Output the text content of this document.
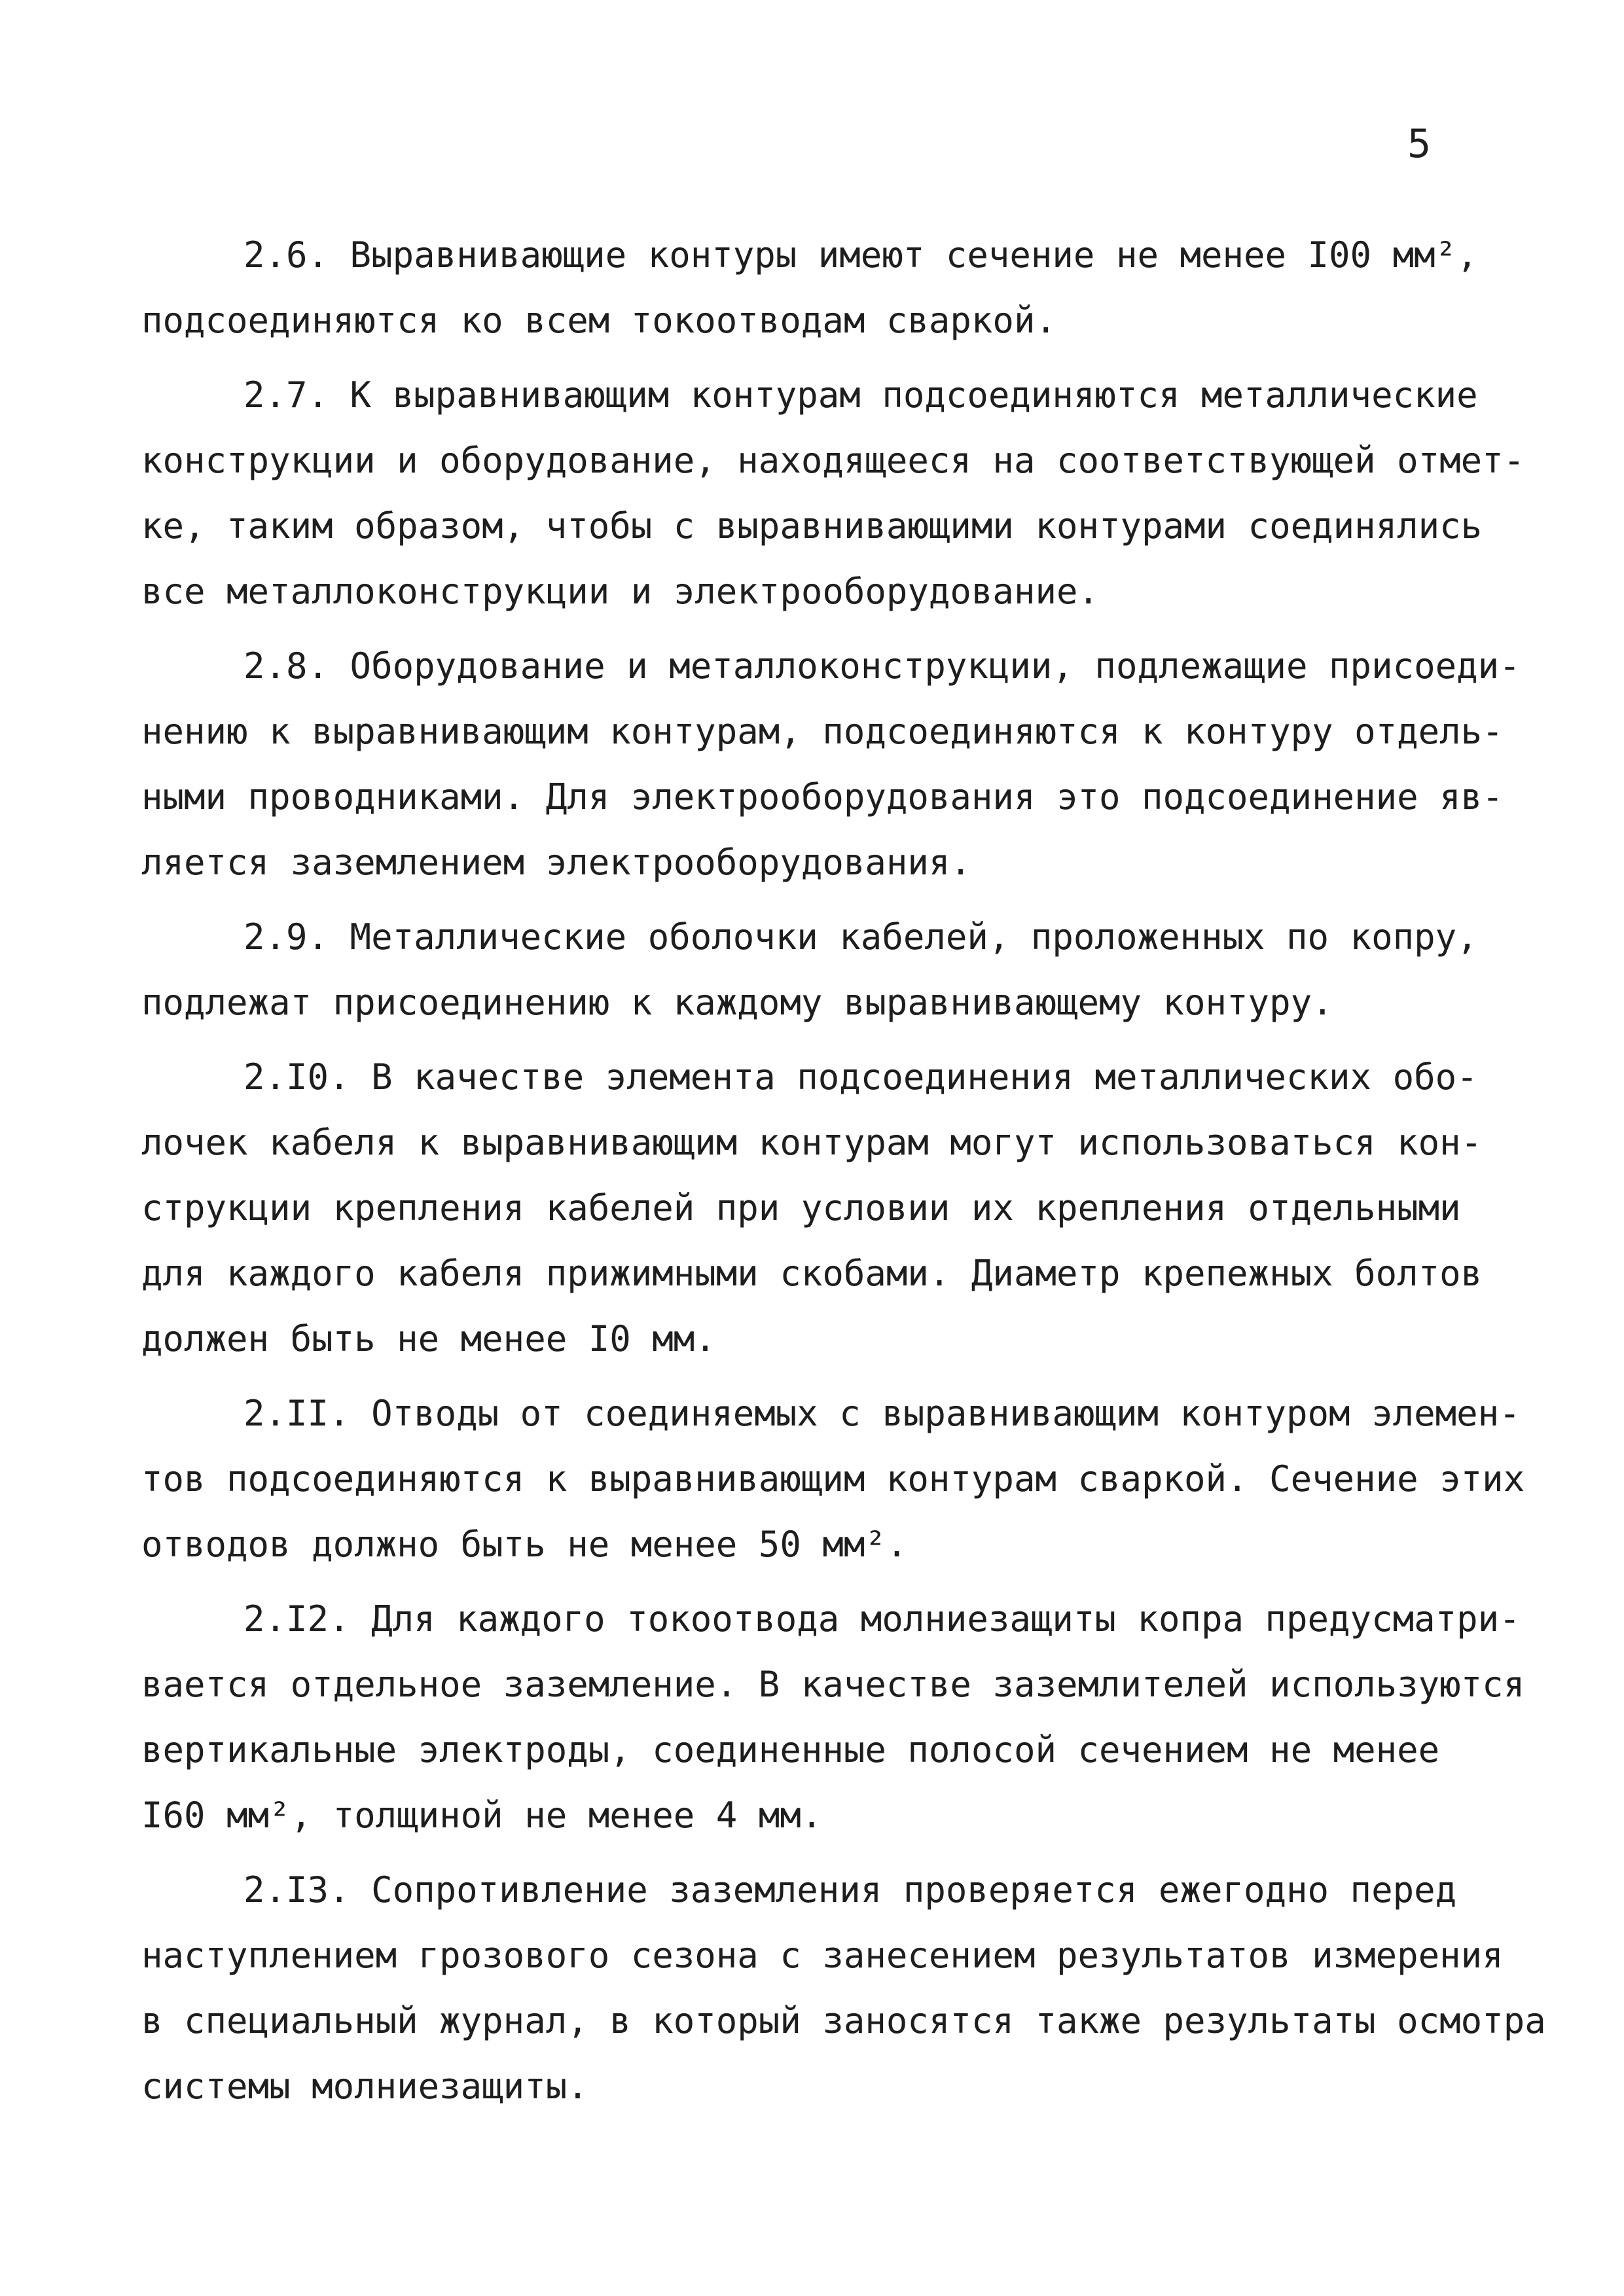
5
2.6. Выравнивающие контуры имеют сечение не менее I00 мм²,
подсоединяются ко всем токоотводам сваркой.
2.7. К выравнивающим контурам подсоединяются металлические
конструкции и оборудование, находящееся на соответствующей отмет-
ке, таким образом, чтобы с выравнивающими контурами соединялись
все металлоконструкции и электрооборудование.
2.8. Оборудование и металлоконструкции, подлежащие присоеди-
нению к выравнивающим контурам, подсоединяются к контуру отдель-
ными проводниками. Для электрооборудования это подсоединение яв-
ляется заземлением электрооборудования.
2.9. Металлические оболочки кабелей, проложенных по копру,
подлежат присоединению к каждому выравнивающему контуру.
2.I0. В качестве элемента подсоединения металлических обо-
лочек кабеля к выравнивающим контурам могут использоваться кон-
струкции крепления кабелей при условии их крепления отдельными
для каждого кабеля прижимными скобами. Диаметр крепежных болтов
должен быть не менее I0 мм.
2.II. Отводы от соединяемых с выравнивающим контуром элемен-
тов подсоединяются к выравнивающим контурам сваркой. Сечение этих
отводов должно быть не менее 50 мм².
2.I2. Для каждого токоотвода молниезащиты копра предусматри-
вается отдельное заземление. В качестве заземлителей используются
вертикальные электроды, соединенные полосой сечением не менее
I60 мм², толщиной не менее 4 мм.
2.I3. Сопротивление заземления проверяется ежегодно перед
наступлением грозового сезона с занесением результатов измерения
в специальный журнал, в который заносятся также результаты осмотра
системы молниезащиты.
